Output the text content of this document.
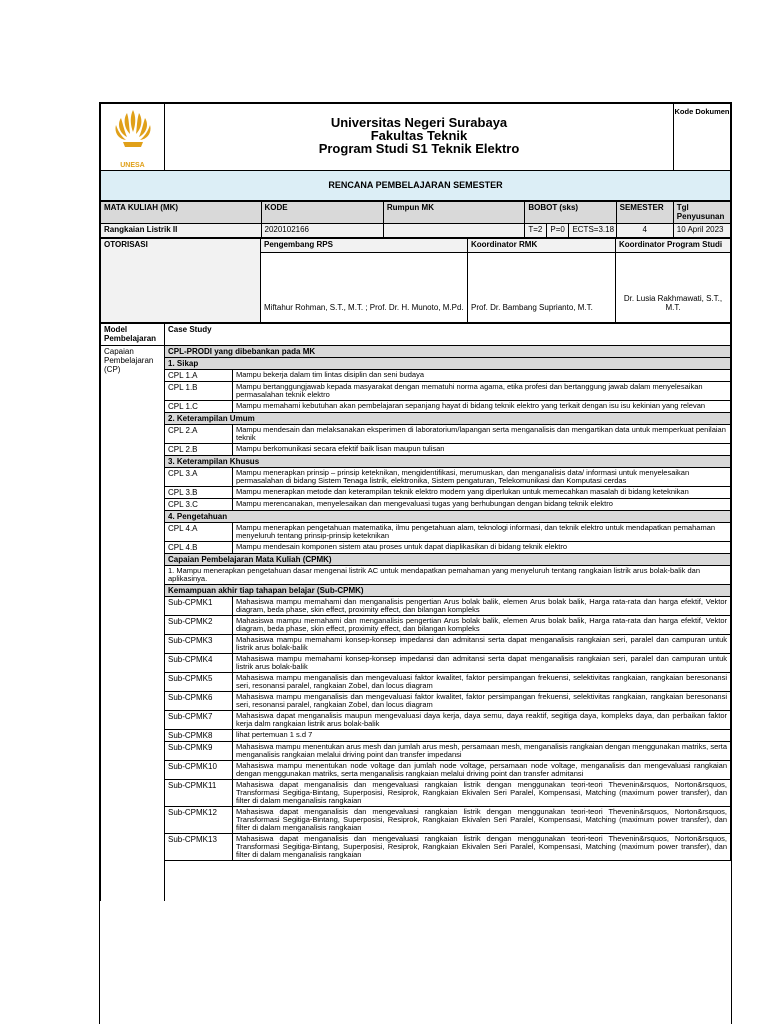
UNESA

Universitas Negeri Surabaya
Fakultas Teknik
Program Studi S1 Teknik Elektro
	Kode Dokumen
RENCANA PEMBELAJARAN SEMESTER
MATA KULIAH (MK)	KODE	Rumpun MK	BOBOT (sks)			SEMESTER	Tgl Penyusunan
Rangkaian Listrik II	2020102166		T=2	P=0	ECTS=3.18	4	10 April 2023
OTORISASI	Pengembang RPS	Koordinator RMK	Koordinator Program Studi
	Miftahur Rohman, S.T., M.T. ; Prof. Dr. H. Munoto, M.Pd.	Prof. Dr. Bambang Suprianto, M.T.	Dr. Lusia Rakhmawati, S.T., M.T.
Model Pembelajaran	Case Study	
Capaian Pembelajaran (CP)	CPL-PRODI yang dibebankan pada MK	
	1. Sikap	
	CPL 1.A	Mampu bekerja dalam tim lintas disiplin dan seni budaya
	CPL 1.B	Mampu bertanggungjawab kepada masyarakat dengan mematuhi norma agama, etika profesi dan bertanggung jawab dalam menyelesaikan permasalahan teknik elektro
	CPL 1.C	Mampu memahami kebutuhan akan pembelajaran sepanjang hayat di bidang teknik elektro yang terkait dengan isu isu kekinian yang relevan
	2. Keterampilan Umum	
	CPL 2.A	Mampu mendesain dan melaksanakan eksperimen di laboratorium/lapangan serta menganalisis dan mengartikan data untuk memperkuat penilaian teknik
	CPL 2.B	Mampu berkomunikasi secara efektif baik lisan maupun tulisan
	3. Keterampilan Khusus	
	CPL 3.A	Mampu menerapkan prinsip – prinsip keteknikan, mengidentifikasi, merumuskan, dan menganalisis data/ informasi untuk menyelesaikan permasalahan di bidang Sistem Tenaga listrik, elektronika, Sistem pengaturan, Telekomunikasi dan Komputasi cerdas
	CPL 3.B	Mampu menerapkan metode dan keterampilan teknik elektro modern yang diperlukan untuk memecahkan masalah di bidang keteknikan
	CPL 3.C	Mampu merencanakan, menyelesaikan dan mengevaluasi tugas yang berhubungan dengan bidang teknik elektro
	4. Pengetahuan	
	CPL 4.A	Mampu menerapkan pengetahuan matematika, ilmu pengetahuan alam, teknologi informasi, dan teknik elektro untuk mendapatkan pemahaman menyeluruh tentang prinsip-prinsip keteknikan
	CPL 4.B	Mampu mendesain komponen sistem atau proses untuk dapat diaplikasikan di bidang teknik elektro
	Capaian Pembelajaran Mata Kuliah (CPMK)	
	1. Mampu menerapkan pengetahuan dasar mengenai listrik AC untuk mendapatkan pemahaman yang menyeluruh tentang rangkaian listrik arus bolak-balik dan aplikasinya.	
	Kemampuan akhir tiap tahapan belajar (Sub-CPMK)	
	Sub-CPMK1	Mahasiswa mampu memahami dan menganalisis pengertian Arus bolak balik, elemen Arus bolak balik, Harga rata-rata dan harga efektif, Vektor diagram, beda phase, skin effect, proximity effect, dan bilangan kompleks
	Sub-CPMK2	Mahasiswa mampu memahami dan menganalisis pengertian Arus bolak balik, elemen Arus bolak balik, Harga rata-rata dan harga efektif, Vektor diagram, beda phase, skin effect, proximity effect, dan bilangan kompleks
	Sub-CPMK3	Mahasiswa mampu memahami konsep-konsep impedansi dan admitansi serta dapat menganalisis rangkaian seri, paralel dan campuran untuk listrik arus bolak-balik
	Sub-CPMK4	Mahasiswa mampu memahami konsep-konsep impedansi dan admitansi serta dapat menganalisis rangkaian seri, paralel dan campuran untuk listrik arus bolak-balik
	Sub-CPMK5	Mahasiswa mampu menganalisis dan mengevaluasi faktor kwalitet, faktor persimpangan frekuensi, selektivitas rangkaian, rangkaian beresonansi seri, resonansi paralel, rangkaian Zobel, dan locus diagram
	Sub-CPMK6	Mahasiswa mampu menganalisis dan mengevaluasi faktor kwalitet, faktor persimpangan frekuensi, selektivitas rangkaian, rangkaian beresonansi seri, resonansi paralel, rangkaian Zobel, dan locus diagram
	Sub-CPMK7	Mahasiswa dapat menganalisis maupun mengevaluasi daya kerja, daya semu, daya reaktif, segitiga daya, kompleks daya, dan perbaikan faktor kerja dalm rangkaian listrik arus bolak-balik
	Sub-CPMK8	lihat pertemuan 1 s.d 7
	Sub-CPMK9	Mahasiswa mampu menentukan arus mesh dan jumlah arus mesh, persamaan mesh, menganalisis rangkaian dengan menggunakan matriks, serta menganalisis rangkaian melalui driving point dan transfer impedansi
	Sub-CPMK10	Mahasiswa mampu menentukan node voltage dan jumlah node voltage, persamaan node voltage, menganalisis dan mengevaluasi rangkaian dengan menggunakan matriks, serta menganalisis rangkaian melalui driving point dan transfer admitansi
	Sub-CPMK11	Mahasiswa dapat menganalisis dan mengevaluasi rangkaian listrik dengan menggunakan teori-teori Thevenin&rsquos, Norton&rsquos, Transformasi Segitiga-Bintang, Superposisi, Resiprok, Rangkaian Ekivalen Seri Paralel, Kompensasi, Matching (maximum power transfer), dan filter di dalam menganalisis rangkaian
	Sub-CPMK12	Mahasiswa dapat menganalisis dan mengevaluasi rangkaian listrik dengan menggunakan teori-teori Thevenin&rsquos, Norton&rsquos, Transformasi Segitiga-Bintang, Superposisi, Resiprok, Rangkaian Ekivalen Seri Paralel, Kompensasi, Matching (maximum power transfer), dan filter di dalam menganalisis rangkaian
	Sub-CPMK13	Mahasiswa dapat menganalisis dan mengevaluasi rangkaian listrik dengan menggunakan teori-teori Thevenin&rsquos, Norton&rsquos, Transformasi Segitiga-Bintang, Superposisi, Resiprok, Rangkaian Ekivalen Seri Paralel, Kompensasi, Matching (maximum power transfer), dan filter di dalam menganalisis rangkaian
